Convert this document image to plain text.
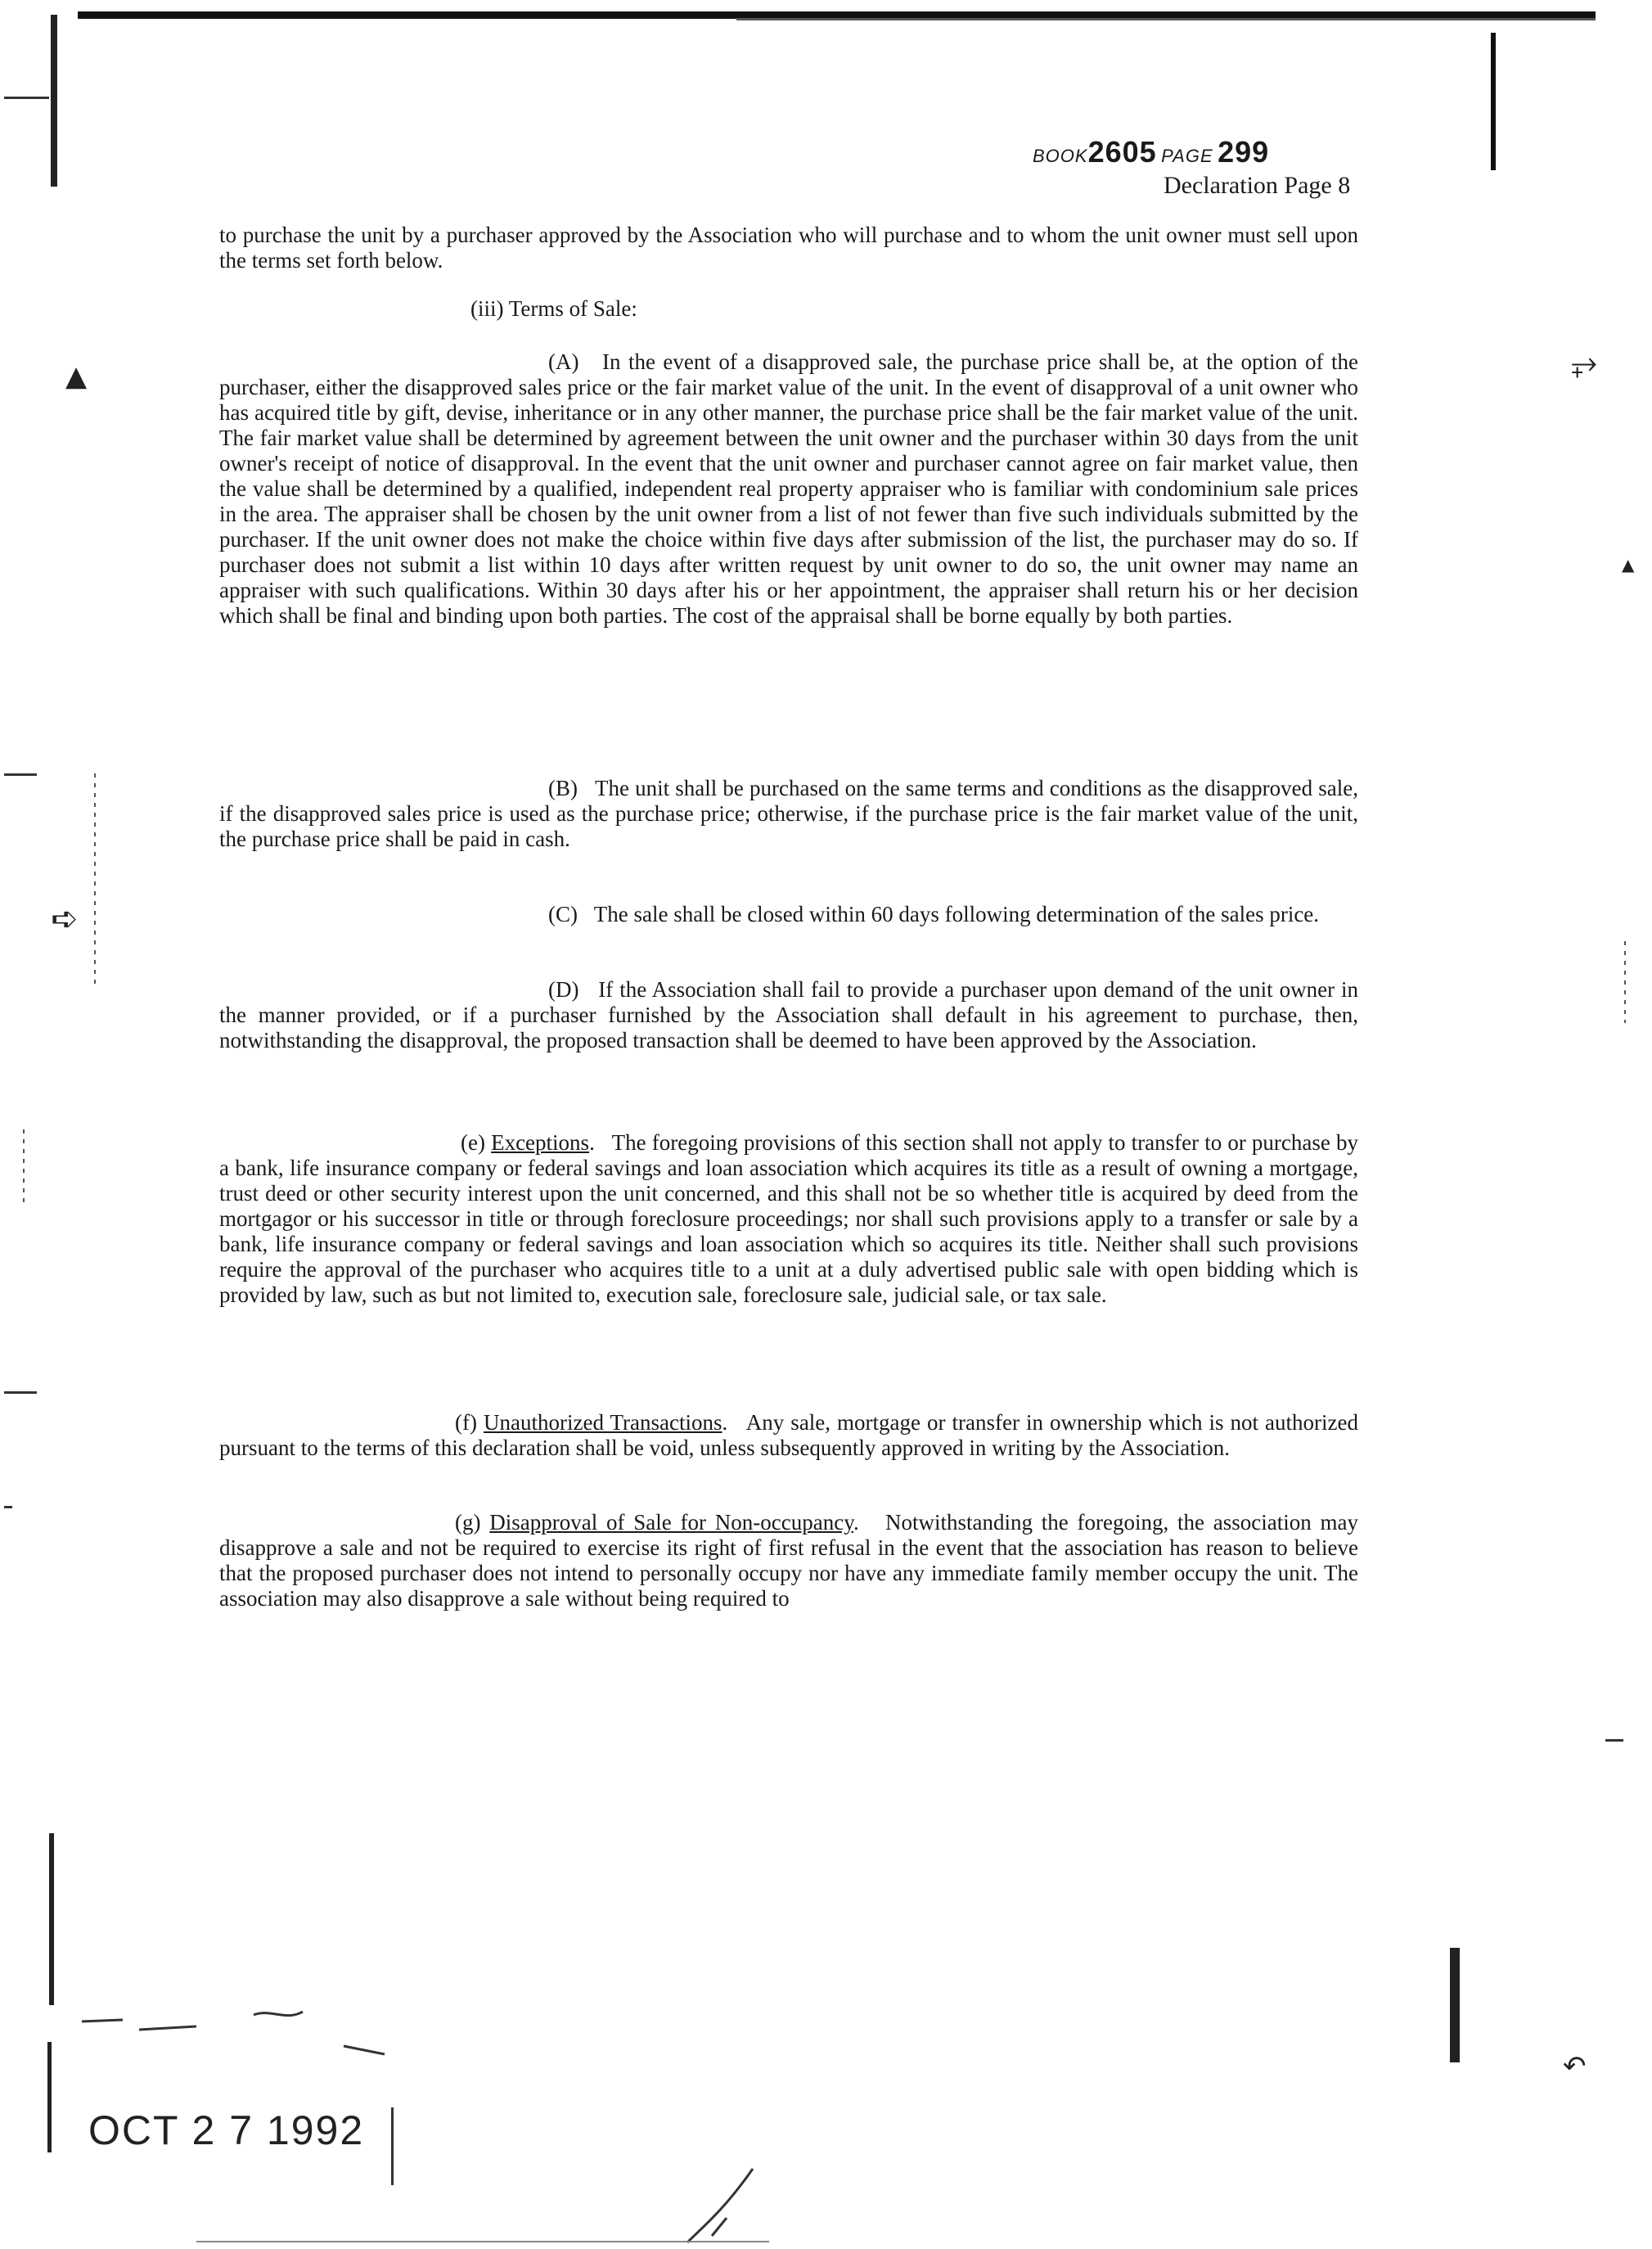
▲	⥅
➪
▲
↶
BOOK2605 PAGE 299
Declaration Page 8

to purchase the unit by a purchaser approved by the Association who will purchase and to whom the unit owner must sell upon the terms set forth below.

(iii) Terms of Sale:

(A) In the event of a disapproved sale, the purchase price shall be, at the option of the purchaser, either the disapproved sales price or the fair market value of the unit. In the event of disapproval of a unit owner who has acquired title by gift, devise, inheritance or in any other manner, the purchase price shall be the fair market value of the unit. The fair market value shall be determined by agreement between the unit owner and the purchaser within 30 days from the unit owner's receipt of notice of disapproval. In the event that the unit owner and purchaser cannot agree on fair market value, then the value shall be determined by a qualified, independent real property appraiser who is familiar with condominium sale prices in the area. The appraiser shall be chosen by the unit owner from a list of not fewer than five such individuals submitted by the purchaser. If the unit owner does not make the choice within five days after submission of the list, the purchaser may do so. If purchaser does not submit a list within 10 days after written request by unit owner to do so, the unit owner may name an appraiser with such qualifications. Within 30 days after his or her appointment, the appraiser shall return his or her decision which shall be final and binding upon both parties. The cost of the appraisal shall be borne equally by both parties.

(B) The unit shall be purchased on the same terms and conditions as the disapproved sale, if the disapproved sales price is used as the purchase price; otherwise, if the purchase price is the fair market value of the unit, the purchase price shall be paid in cash.

(C) The sale shall be closed within 60 days following determination of the sales price.

(D) If the Association shall fail to provide a purchaser upon demand of the unit owner in the manner provided, or if a purchaser furnished by the Association shall default in his agreement to purchase, then, notwithstanding the disapproval, the proposed transaction shall be deemed to have been approved by the Association.

(e) Exceptions.   The foregoing provisions of this section shall not apply to transfer to or purchase by a bank, life insurance company or federal savings and loan association which acquires its title as a result of owning a mortgage, trust deed or other security interest upon the unit concerned, and this shall not be so whether title is acquired by deed from the mortgagor or his successor in title or through foreclosure proceedings; nor shall such provisions apply to a transfer or sale by a bank, life insurance company or federal savings and loan association which so acquires its title. Neither shall such provisions require the approval of the purchaser who acquires title to a unit at a duly advertised public sale with open bidding which is provided by law, such as but not limited to, execution sale, foreclosure sale, judicial sale, or tax sale.

(f) Unauthorized Transactions.   Any sale, mortgage or transfer in ownership which is not authorized pursuant to the terms of this declaration shall be void, unless subsequently approved in writing by the Association.

(g) Disapproval of Sale for Non-occupancy.   Notwithstanding the foregoing, the association may disapprove a sale and not be required to exercise its right of first refusal in the event that the association has reason to believe that the proposed purchaser does not intend to personally occupy nor have any immediate family member occupy the unit. The association may also disapprove a sale without being required to

OCT 2 7 1992
